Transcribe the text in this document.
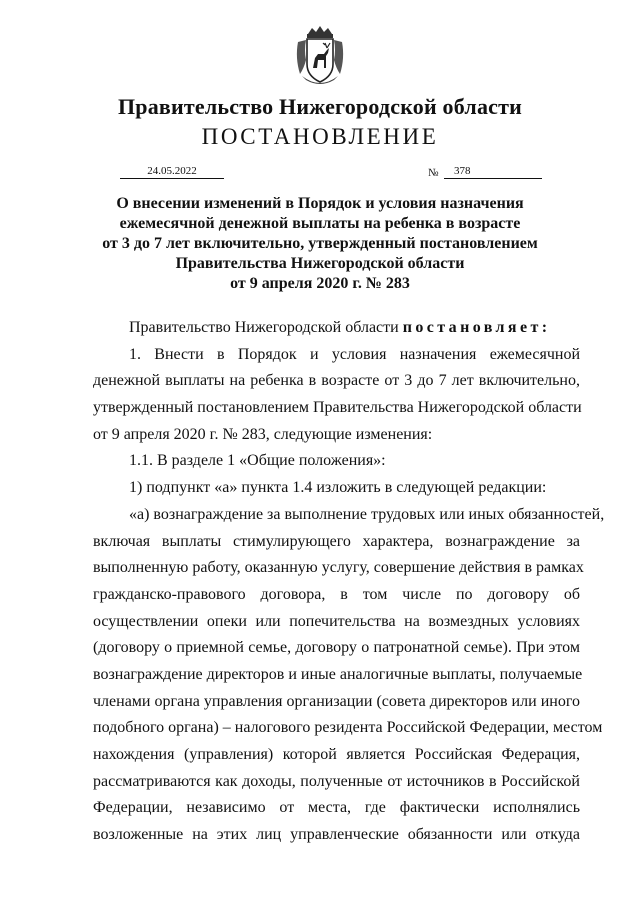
Правительство Нижегородской области
ПОСТАНОВЛЕНИЕ
24.05.2022	№	378
О внесении изменений в Порядок и условия назначения
ежемесячной денежной выплаты на ребенка в возрасте
от 3 до 7 лет включительно, утвержденный постановлением
Правительства Нижегородской области
от 9 апреля 2020 г. № 283
Правительство Нижегородской области постановляет:
1. Внести в Порядок и условия назначения ежемесячной
денежной выплаты на ребенка в возрасте от 3 до 7 лет включительно,
утвержденный постановлением Правительства Нижегородской области
от 9 апреля 2020 г. № 283, следующие изменения:
1.1. В разделе 1 «Общие положения»:
1) подпункт «а» пункта 1.4 изложить в следующей редакции:
«а) вознаграждение за выполнение трудовых или иных обязанностей,
включая выплаты стимулирующего характера, вознаграждение за
выполненную работу, оказанную услугу, совершение действия в рамках
гражданско-правового договора, в том числе по договору об
осуществлении опеки или попечительства на возмездных условиях
(договору о приемной семье, договору о патронатной семье). При этом
вознаграждение директоров и иные аналогичные выплаты, получаемые
членами органа управления организации (совета директоров или иного
подобного органа) – налогового резидента Российской Федерации, местом
нахождения (управления) которой является Российская Федерация,
рассматриваются как доходы, полученные от источников в Российской
Федерации, независимо от места, где фактически исполнялись
возложенные на этих лиц управленческие обязанности или откуда
